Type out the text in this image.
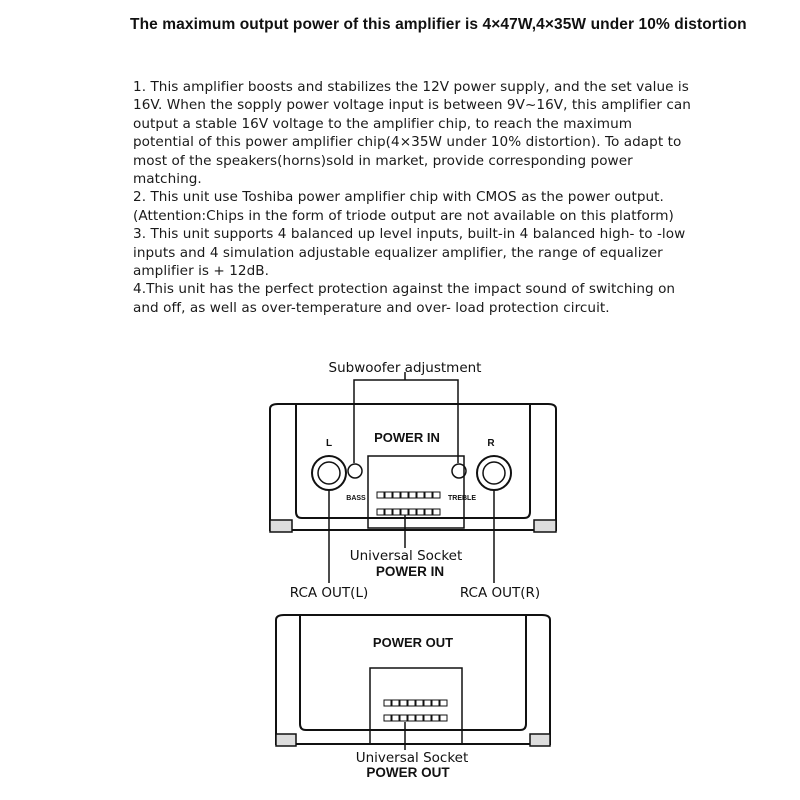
The maximum output power of this amplifier is 4×47W,4×35W under 10% distortion

1. This amplifier boosts and stabilizes the 12V power supply, and the set value is 16V. When the sopply power voltage input is between 9V~16V, this amplifier can output a stable 16V voltage to the amplifier chip, to reach the maximum potential of this power amplifier chip(4×35W under 10% distortion). To adapt to most of the speakers(horns)sold in market, provide corresponding power matching.

2. This unit use Toshiba power amplifier chip with CMOS as the power output.(Attention:Chips in the form of triode output are not available on this platform)

3. This unit supports 4 balanced up level inputs, built-in 4 balanced high- to -low inputs and 4 simulation adjustable equalizer amplifier, the range of equalizer amplifier is + 12dB.

4.This unit has the perfect protection against the impact sound of switching on and off, as well as over-temperature and over- load protection circuit.

Subwoofer adjustment
POWER IN
L	R
BASS	TREBLE
Universal Socket
POWER IN
RCA OUT(L)	RCA OUT(R)
POWER OUT
Universal Socket
POWER OUT
